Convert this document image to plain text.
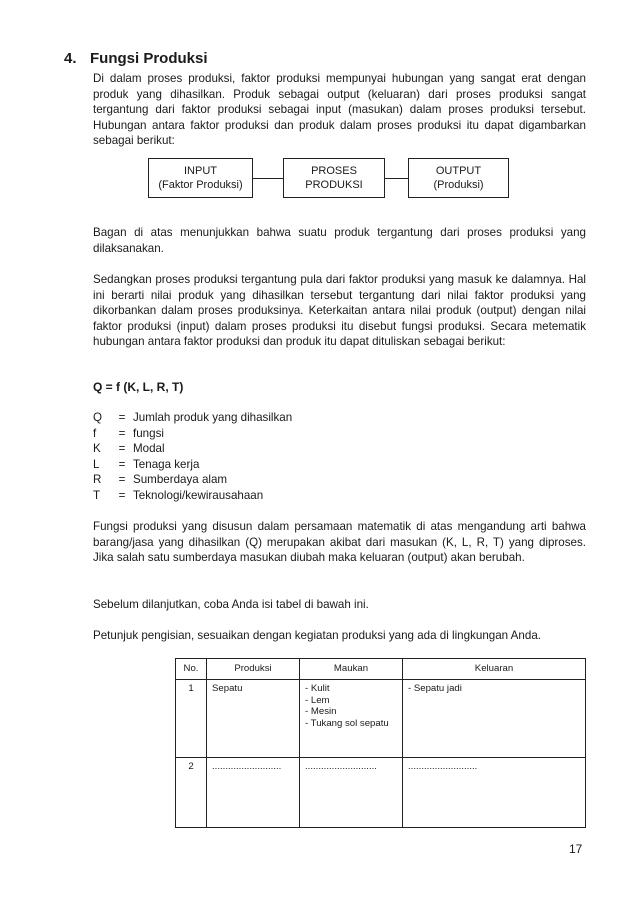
4. Fungsi Produksi

Di dalam proses produksi, faktor produksi mempunyai hubungan yang sangat erat dengan produk yang dihasilkan. Produk sebagai output (keluaran) dari proses produksi sangat tergantung dari faktor produksi sebagai input (masukan) dalam proses produksi tersebut. Hubungan antara faktor produksi dan produk dalam proses produksi itu dapat digambarkan sebagai berikut:

INPUT
(Faktor Produksi)
PROSES
PRODUKSI
OUTPUT
(Produksi)

Bagan di atas menunjukkan bahwa suatu produk tergantung dari proses produksi yang dilaksanakan.

Sedangkan proses produksi tergantung pula dari faktor produksi yang masuk ke dalamnya. Hal ini berarti nilai produk yang dihasilkan tersebut tergantung dari nilai faktor produksi yang dikorbankan dalam proses produksinya. Keterkaitan antara nilai produk (output) dengan nilai faktor produksi (input) dalam proses produksi itu disebut fungsi produksi. Secara metematik hubungan antara faktor produksi dan produk itu dapat dituliskan sebagai berikut:

Q = f (K, L, R, T)
Q	= Jumlah produk yang dihasilkan
f	= fungsi
K	= Modal
L	= Tenaga kerja
R	= Sumberdaya alam
T	= Teknologi/kewirausahaan

Fungsi produksi yang disusun dalam persamaan matematik di atas mengandung arti bahwa barang/jasa yang dihasilkan (Q) merupakan akibat dari masukan (K, L, R, T) yang diproses. Jika salah satu sumberdaya masukan diubah maka keluaran (output) akan berubah.

Sebelum dilanjutkan, coba Anda isi tabel di bawah ini.

Petunjuk pengisian, sesuaikan dengan kegiatan produksi yang ada di lingkungan Anda.

No.	Produksi	Maukan	Keluaran
1	Sepatu	- Kulit
- Lem
- Mesin
- Tukang sol sepatu	- Sepatu jadi
2	..........................	...........................	..........................
17
